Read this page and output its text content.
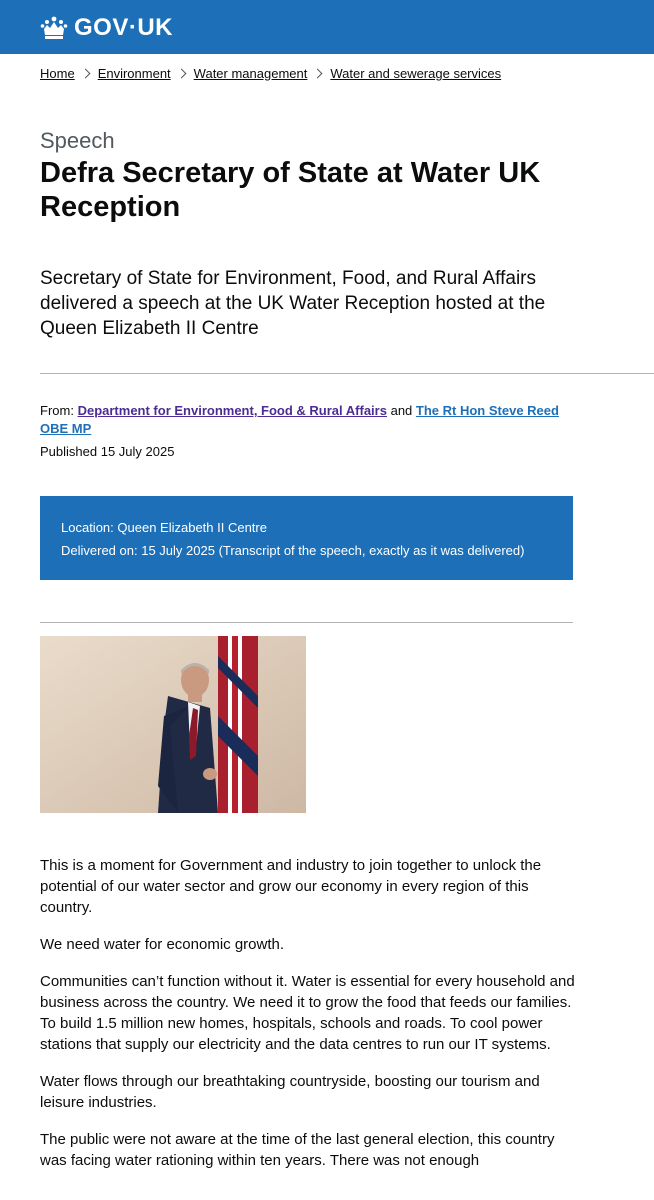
GOV·UK
Home Environment Water management Water and sewerage services
Speech
Defra Secretary of State at Water UK Reception

Secretary of State for Environment, Food, and Rural Affairs delivered a speech at the UK Water Reception hosted at the Queen Elizabeth II Centre

From: Department for Environment, Food & Rural Affairs and The Rt Hon Steve Reed OBE MP
Published 15 July 2025
Location: Queen Elizabeth II Centre
Delivered on: 15 July 2025 (Transcript of the speech, exactly as it was delivered)

This is a moment for Government and industry to join together to unlock the potential of our water sector and grow our economy in every region of this country.

We need water for economic growth.

Communities can’t function without it. Water is essential for every household and business across the country. We need it to grow the food that feeds our families. To build 1.5 million new homes, hospitals, schools and roads. To cool power stations that supply our electricity and the data centres to run our IT systems.

Water flows through our breathtaking countryside, boosting our tourism and leisure industries.

The public were not aware at the time of the last general election, this country was facing water rationing within ten years. There was not enough
